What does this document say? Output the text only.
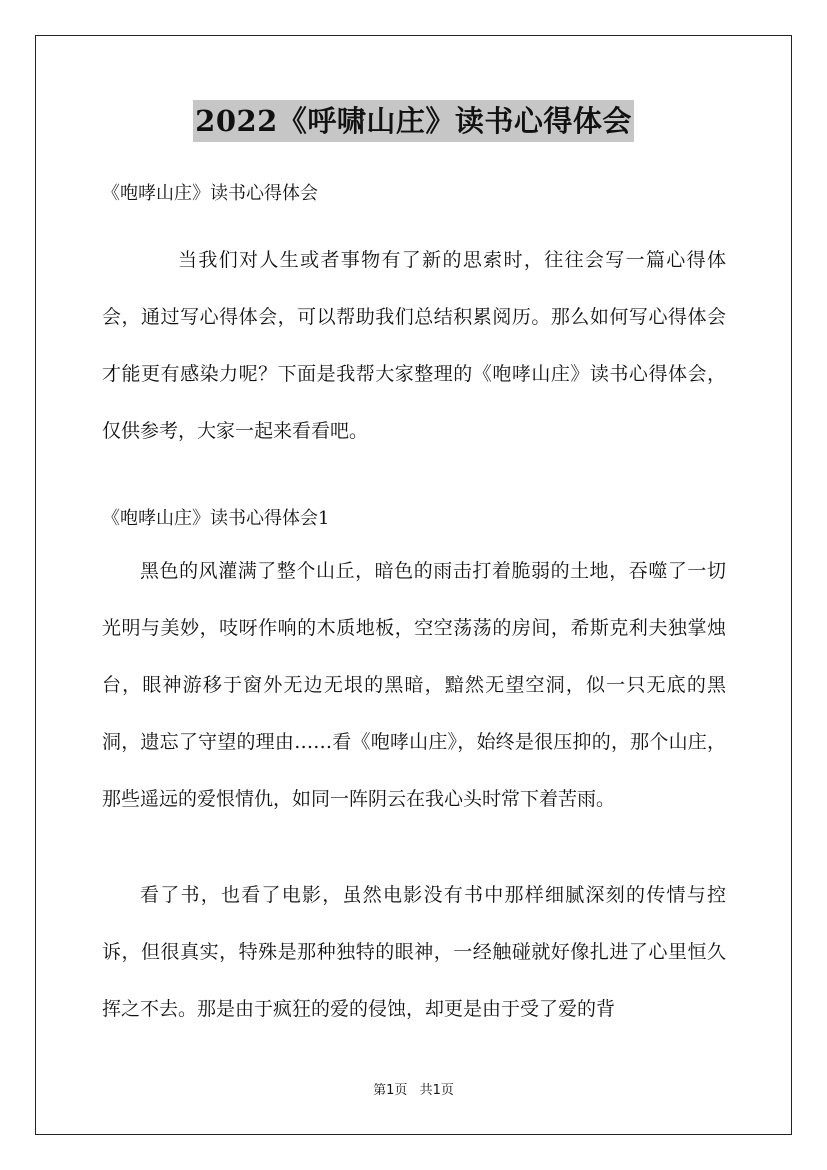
2022《呼啸山庄》读书心得体会
《咆哮山庄》读书心得体会

当我们对人生或者事物有了新的思索时，往往会写一篇心得体会，通过写心得体会，可以帮助我们总结积累阅历。那么如何写心得体会才能更有感染力呢？下面是我帮大家整理的《咆哮山庄》读书心得体会，仅供参考，大家一起来看看吧。

《咆哮山庄》读书心得体会1

黑色的风灌满了整个山丘，暗色的雨击打着脆弱的土地，吞噬了一切光明与美妙，吱呀作响的木质地板，空空荡荡的房间，希斯克利夫独掌烛台，眼神游移于窗外无边无垠的黑暗，黯然无望空洞，似一只无底的黑洞，遗忘了守望的理由……看《咆哮山庄》，始终是很压抑的，那个山庄，那些遥远的爱恨情仇，如同一阵阴云在我心头时常下着苦雨。

看了书，也看了电影，虽然电影没有书中那样细腻深刻的传情与控诉，但很真实，特殊是那种独特的眼神，一经触碰就好像扎进了心里恒久挥之不去。那是由于疯狂的爱的侵蚀，却更是由于受了爱的背

第1页 共1页
